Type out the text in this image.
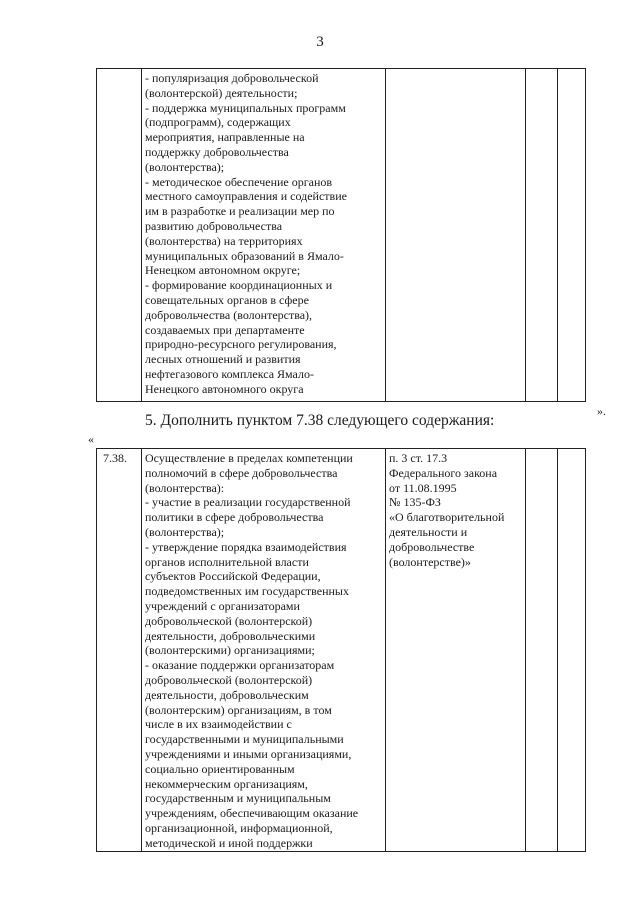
3
- популяризация добровольческой
(волонтерской) деятельности;
- поддержка муниципальных программ
(подпрограмм), содержащих
мероприятия, направленные на
поддержку добровольчества
(волонтерства);
- методическое обеспечение органов
местного самоуправления и содействие
им в разработке и реализации мер по
развитию добровольчества
(волонтерства) на территориях
муниципальных образований в Ямало-
Ненецком автономном округе;
- формирование координационных и
совещательных органов в сфере
добровольчества (волонтерства),
создаваемых при департаменте
природно-ресурсного регулирования,
лесных отношений и развития
нефтегазового комплекса Ямало-
Ненецкого автономного округа
».
5. Дополнить пунктом 7.38 следующего содержания:
«
7.38.	Осуществление в пределах компетенции
полномочий в сфере добровольчества
(волонтерства):
- участие в реализации государственной
политики в сфере добровольчества
(волонтерства);
- утверждение порядка взаимодействия
органов исполнительной власти
субъектов Российской Федерации,
подведомственных им государственных
учреждений с организаторами
добровольческой (волонтерской)
деятельности, добровольческими
(волонтерскими) организациями;
- оказание поддержки организаторам
добровольческой (волонтерской)
деятельности, добровольческим
(волонтерским) организациям, в том
числе в их взаимодействии с
государственными и муниципальными
учреждениями и иными организациями,
социально ориентированным
некоммерческим организациям,
государственным и муниципальным
учреждениям, обеспечивающим оказание
организационной, информационной,
методической и иной поддержки
п. 3 ст. 17.3
Федерального закона
от 11.08.1995
№ 135-ФЗ
«О благотворительной
деятельности и
добровольчестве
(волонтерстве)»
